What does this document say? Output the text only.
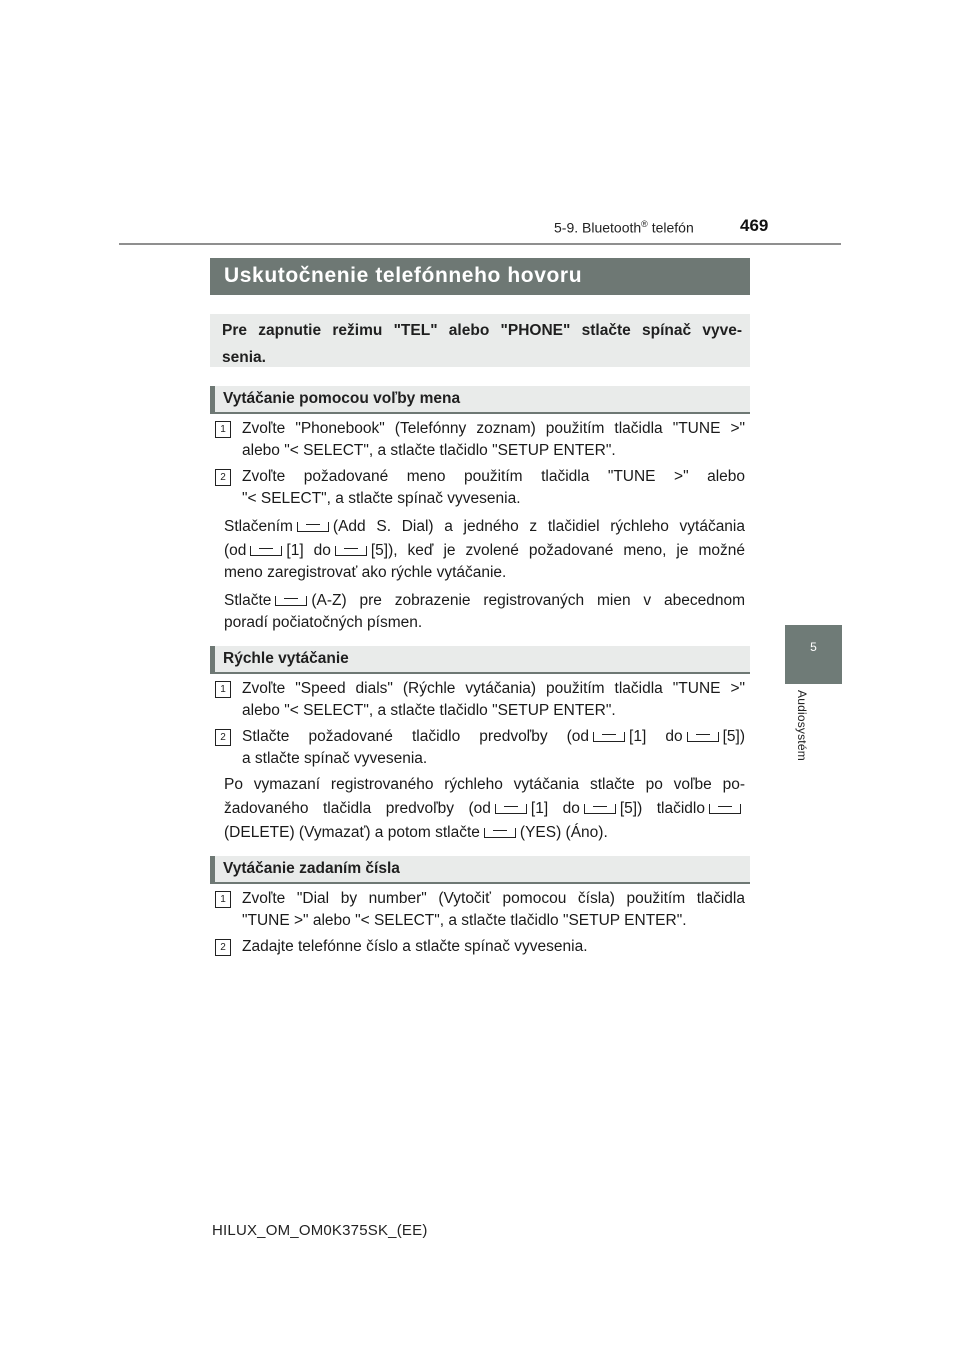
5-9. Bluetooth® telefón	469
5
Audiosystém
Uskutočnenie telefónneho hovoru
Pre zapnutie režimu "TEL" alebo "PHONE" stlačte spínač vyve-
senia.
Vytáčanie pomocou voľby mena
1	Zvoľte "Phonebook" (Telefónny zoznam) použitím tlačidla "TUNE >"
alebo "< SELECT", a stlačte tlačidlo "SETUP ENTER".
2	Zvoľte požadované meno použitím tlačidla "TUNE >" alebo
"< SELECT", a stlačte spínač vyvesenia.
Stlačením	(Add S. Dial) a jedného z tlačidiel rýchleho vytáčania
(od	[1] do	[5]), keď je zvolené požadované meno, je možné
meno zaregistrovať ako rýchle vytáčanie.
Stlačte	(A-Z) pre zobrazenie registrovaných mien v abecednom
poradí počiatočných písmen.
Rýchle vytáčanie
1	Zvoľte "Speed dials" (Rýchle vytáčania) použitím tlačidla "TUNE >"
alebo "< SELECT", a stlačte tlačidlo "SETUP ENTER".
2	Stlačte požadované tlačidlo predvoľby (od	[1] do	[5])
a stlačte spínač vyvesenia.
Po vymazaní registrovaného rýchleho vytáčania stlačte po voľbe po-
žadovaného tlačidla predvoľby (od	[1] do	[5]) tlačidlo
(DELETE) (Vymazať) a potom stlačte	(YES) (Áno).
Vytáčanie zadaním čísla
1	Zvoľte "Dial by number" (Vytočiť pomocou čísla) použitím tlačidla
"TUNE >" alebo "< SELECT", a stlačte tlačidlo "SETUP ENTER".
2	Zadajte telefónne číslo a stlačte spínač vyvesenia.
HILUX_OM_OM0K375SK_(EE)
